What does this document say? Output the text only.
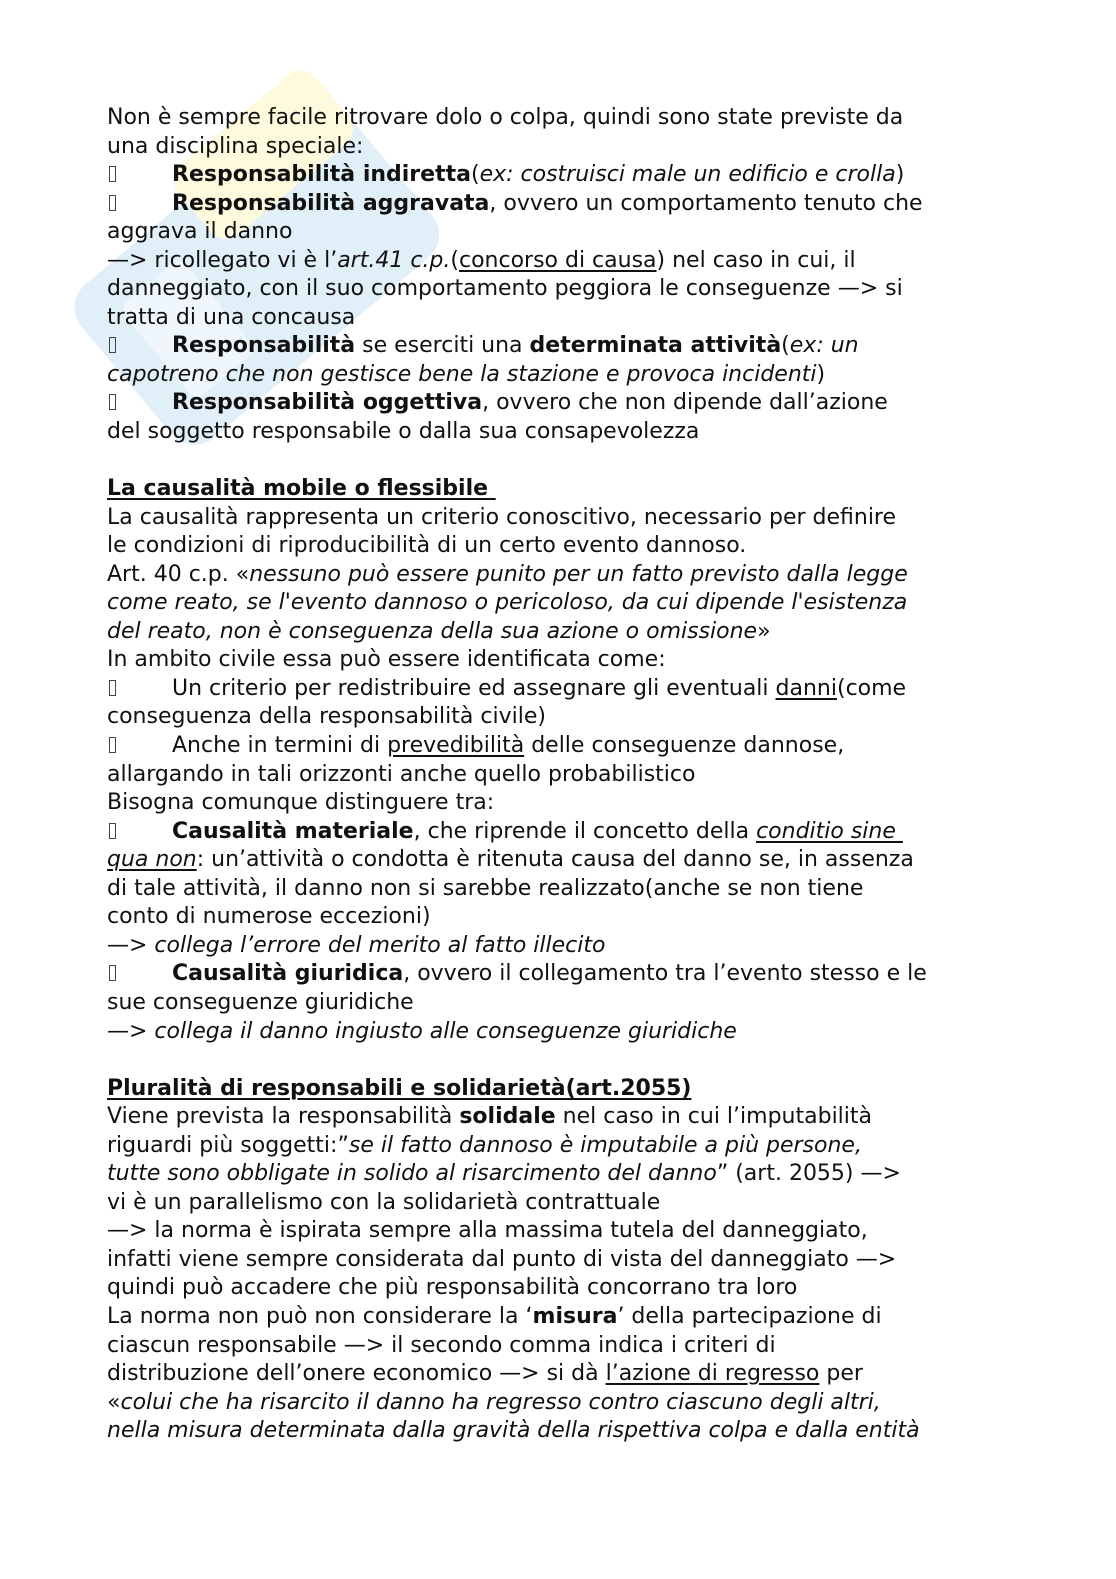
Non è sempre facile ritrovare dolo o colpa, quindi sono state previste da
una disciplina speciale:
Responsabilità indiretta(ex: costruisci male un edificio e crolla)
Responsabilità aggravata, ovvero un comportamento tenuto che
aggrava il danno
—> ricollegato vi è l’art.41 c.p.(concorso di causa) nel caso in cui, il
danneggiato, con il suo comportamento peggiora le conseguenze —> si
tratta di una concausa
Responsabilità se eserciti una determinata attività(ex: un
capotreno che non gestisce bene la stazione e provoca incidenti)
Responsabilità oggettiva, ovvero che non dipende dall’azione
del soggetto responsabile o dalla sua consapevolezza
La causalità mobile o flessibile
La causalità rappresenta un criterio conoscitivo, necessario per definire
le condizioni di riproducibilità di un certo evento dannoso.
Art. 40 c.p. «nessuno può essere punito per un fatto previsto dalla legge
come reato, se l'evento dannoso o pericoloso, da cui dipende l'esistenza
del reato, non è conseguenza della sua azione o omissione»
In ambito civile essa può essere identificata come:
Un criterio per redistribuire ed assegnare gli eventuali danni(come
conseguenza della responsabilità civile)
Anche in termini di prevedibilità delle conseguenze dannose,
allargando in tali orizzonti anche quello probabilistico
Bisogna comunque distinguere tra:
Causalità materiale, che riprende il concetto della conditio sine
qua non: un’attività o condotta è ritenuta causa del danno se, in assenza
di tale attività, il danno non si sarebbe realizzato(anche se non tiene
conto di numerose eccezioni)
—> collega l’errore del merito al fatto illecito
Causalità giuridica, ovvero il collegamento tra l’evento stesso e le
sue conseguenze giuridiche
—> collega il danno ingiusto alle conseguenze giuridiche
Pluralità di responsabili e solidarietà(art.2055)
Viene prevista la responsabilità solidale nel caso in cui l’imputabilità
riguardi più soggetti:”se il fatto dannoso è imputabile a più persone,
tutte sono obbligate in solido al risarcimento del danno” (art. 2055) —>
vi è un parallelismo con la solidarietà contrattuale
—> la norma è ispirata sempre alla massima tutela del danneggiato,
infatti viene sempre considerata dal punto di vista del danneggiato —>
quindi può accadere che più responsabilità concorrano tra loro
La norma non può non considerare la ‘misura’ della partecipazione di
ciascun responsabile —> il secondo comma indica i criteri di
distribuzione dell’onere economico —> si dà l’azione di regresso per
«colui che ha risarcito il danno ha regresso contro ciascuno degli altri,
nella misura determinata dalla gravità della rispettiva colpa e dalla entità
